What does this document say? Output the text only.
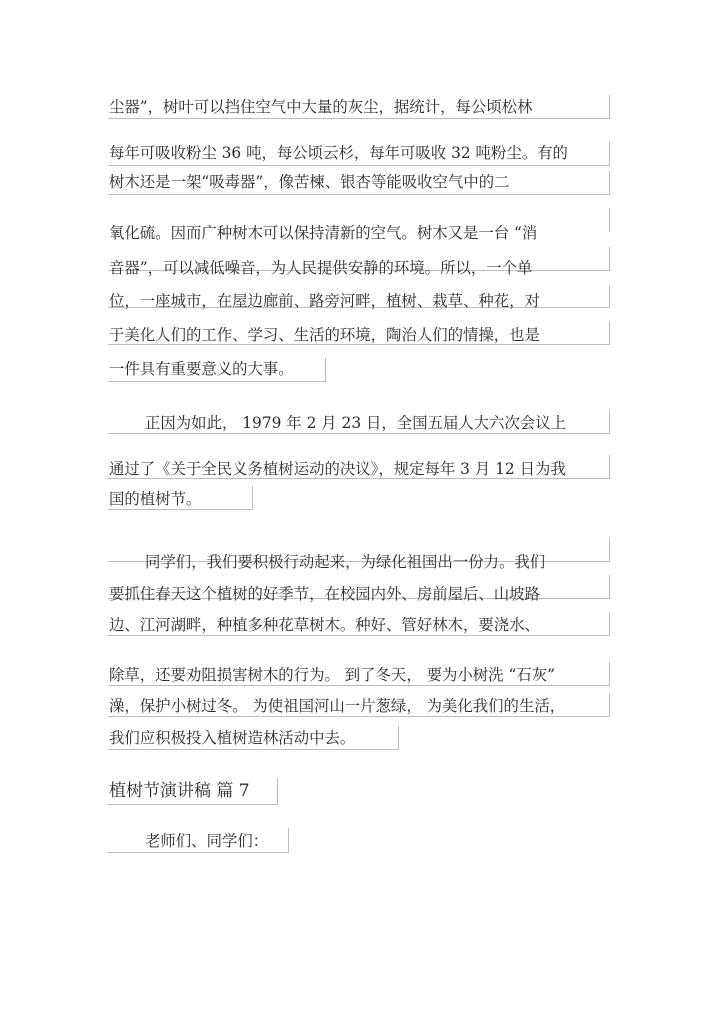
尘器”，树叶可以挡住空气中大量的灰尘，据统计，每公顷松林
每年可吸收粉尘 36 吨，每公顷云杉，每年可吸收 32 吨粉尘。有的
树木还是一架“吸毒器”，像苦楝、银杏等能吸收空气中的二
氧化硫。因而广种树木可以保持清新的空气。树木又是一台 “消
音器”，可以减低噪音，为人民提供安静的环境。所以，一个单
位，一座城市，在屋边廊前、路旁河畔，植树、栽草、种花，对
于美化人们的工作、学习、生活的环境，陶治人们的情操，也是
一件具有重要意义的大事。
正因为如此， 1979 年 2 月 23 日，全国五届人大六次会议上
通过了《关于全民义务植树运动的决议》，规定每年 3 月 12 日为我
国的植树节。
同学们，我们要积极行动起来，为绿化祖国出一份力。我们
要抓住春天这个植树的好季节，在校园内外、房前屋后、山坡路
边、江河湖畔，种植多种花草树木。种好、管好林木，要浇水、
除草，还要劝阻损害树木的行为。 到了冬天， 要为小树洗 “石灰”
澡，保护小树过冬。 为使祖国河山一片葱绿， 为美化我们的生活，
我们应积极投入植树造林活动中去。
植树节演讲稿 篇 7
老师们、同学们：
